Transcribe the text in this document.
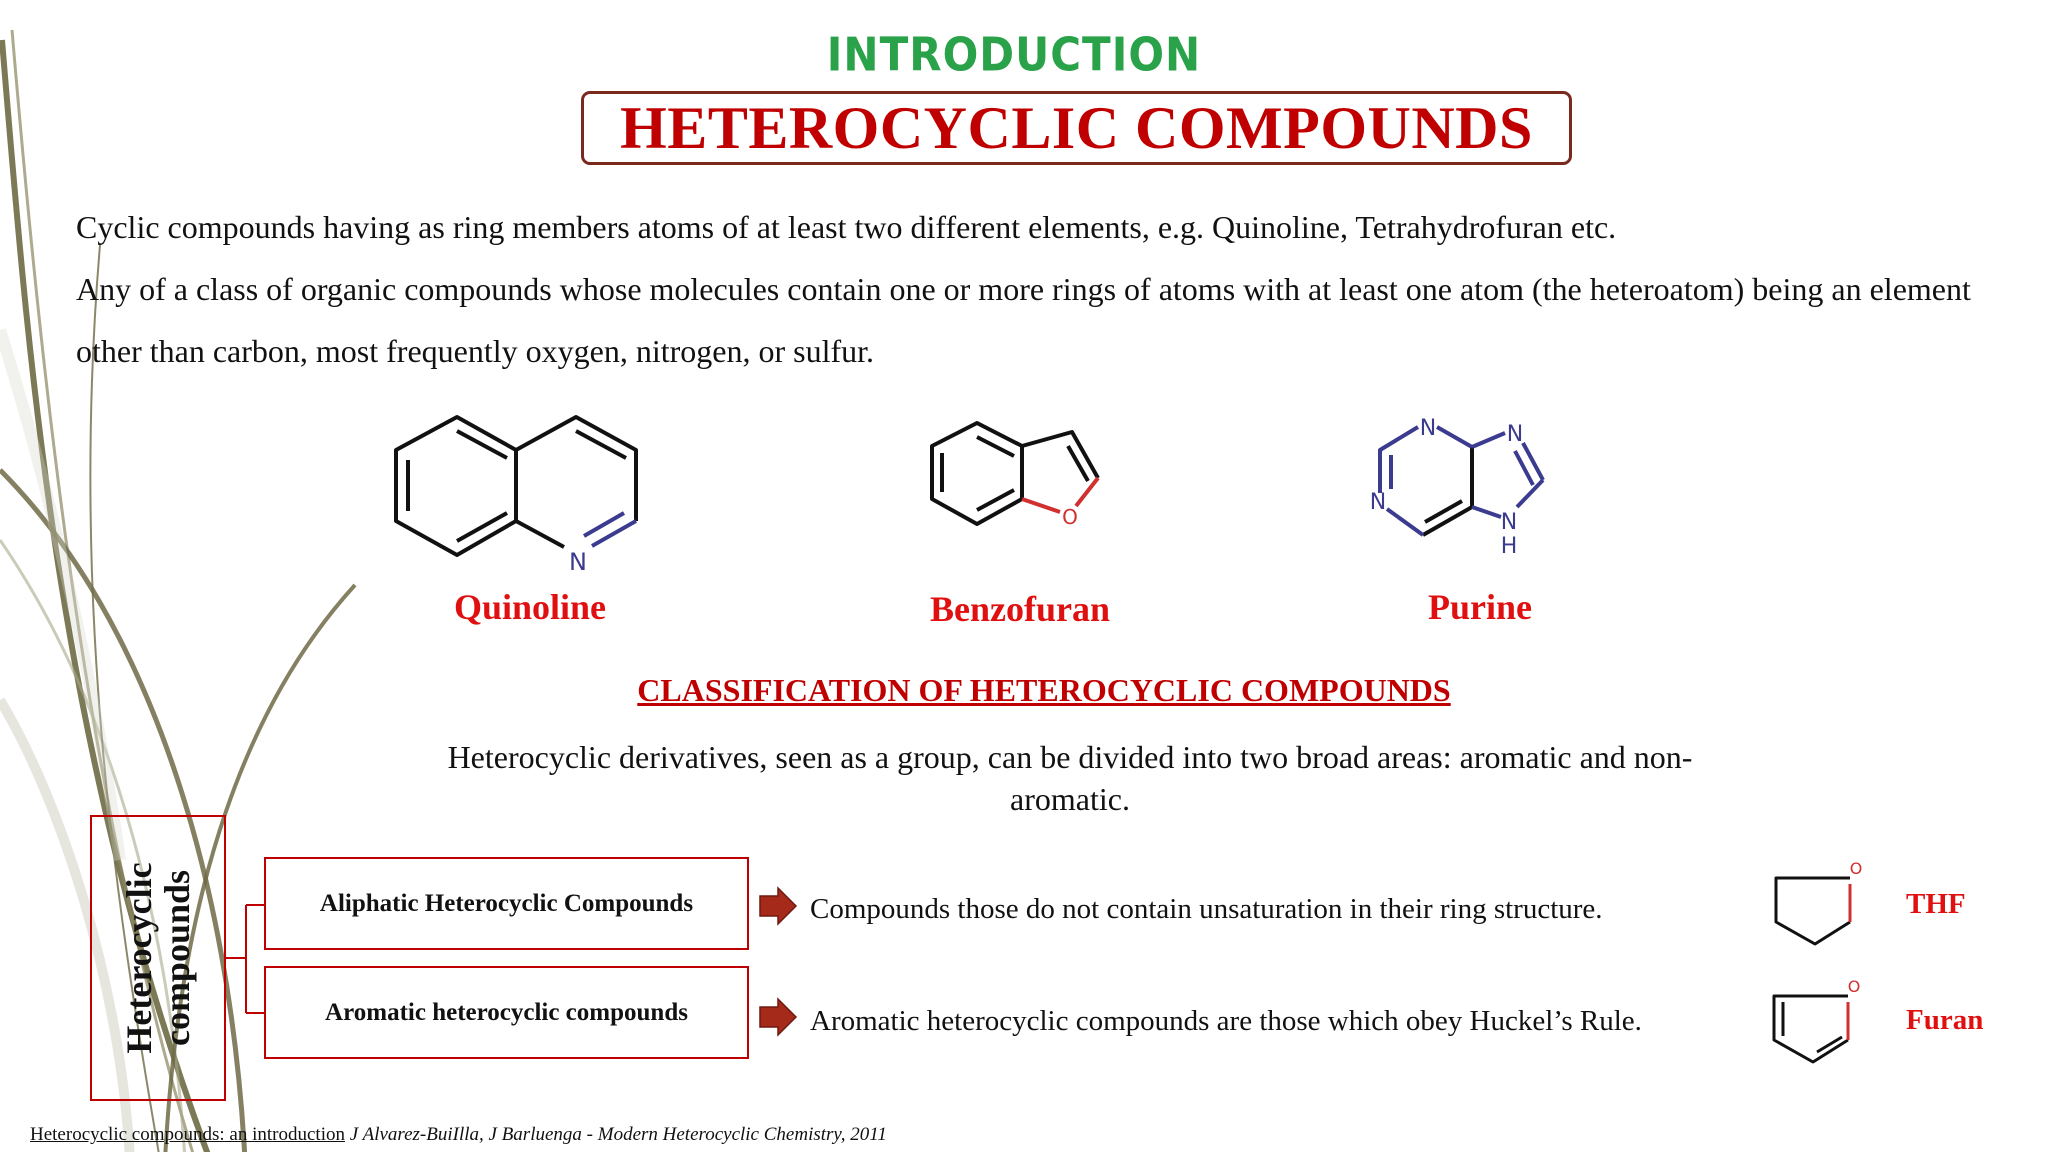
INTRODUCTION
HETEROCYCLIC COMPOUNDS

Cyclic compounds having as ring members atoms of at least two different elements, e.g. Quinoline, Tetrahydrofuran etc.

Any of a class of organic compounds whose molecules contain one or more rings of atoms with at least one atom (the heteroatom) being an element other than carbon, most frequently oxygen, nitrogen, or sulfur.

N
Quinoline
O
Benzofuran
N	N
N
N
H
Purine
CLASSIFICATION OF HETEROCYCLIC COMPOUNDS
Heterocyclic derivatives, seen as a group, can be divided into two broad areas: aromatic and non-aromatic.
Heterocyclic
compounds	Aliphatic Heterocyclic Compounds
Aromatic heterocyclic compounds
Compounds those do not contain unsaturation in their ring structure.
Aromatic heterocyclic compounds are those which obey Huckel’s Rule.
O
THF
O
Furan
Heterocyclic compounds: an introduction J Alvarez-BuiIlla, J Barluenga - Modern Heterocyclic Chemistry, 2011
